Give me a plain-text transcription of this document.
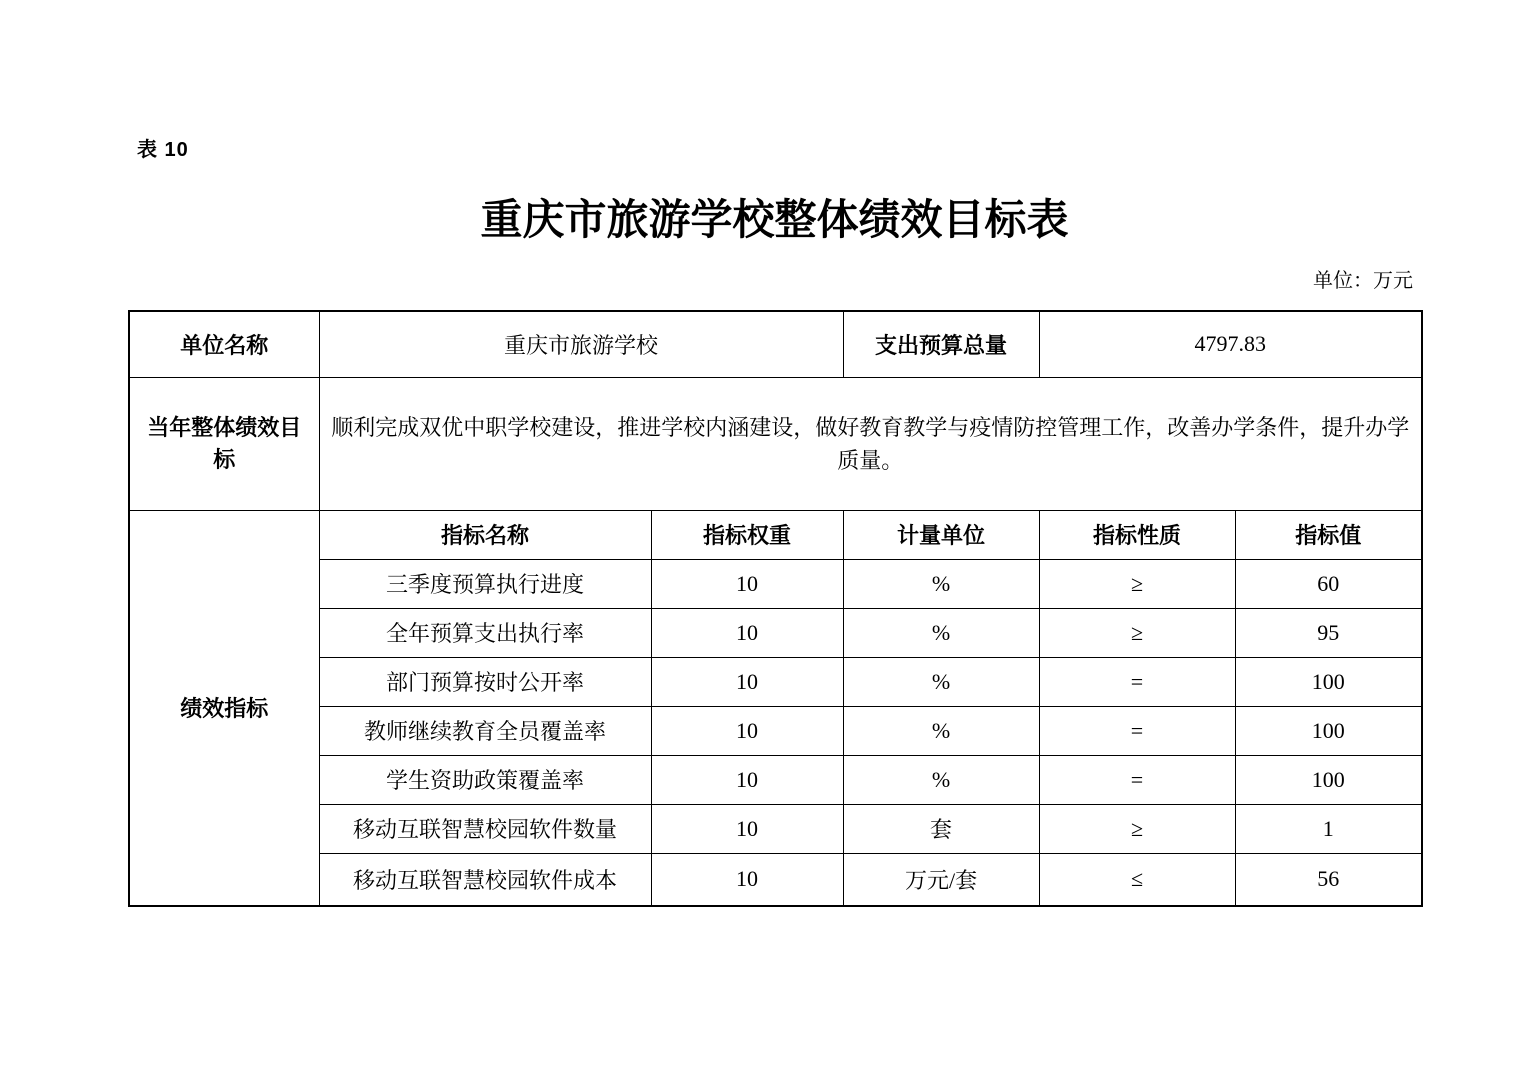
表 10
重庆市旅游学校整体绩效目标表
单位：万元
单位名称	重庆市旅游学校		支出预算总量	4797.83	
当年整体绩效目标	顺利完成双优中职学校建设，推进学校内涵建设，做好教育教学与疫情防控管理工作，改善办学条件，提升办学质量。				
绩效指标	指标名称	指标权重	计量单位	指标性质	指标值
	三季度预算执行进度	10	%	≥	60
	全年预算支出执行率	10	%	≥	95
	部门预算按时公开率	10	%	=	100
	教师继续教育全员覆盖率	10	%	=	100
	学生资助政策覆盖率	10	%	=	100
	移动互联智慧校园软件数量	10	套	≥	1
	移动互联智慧校园软件成本	10	万元/套	≤	56
